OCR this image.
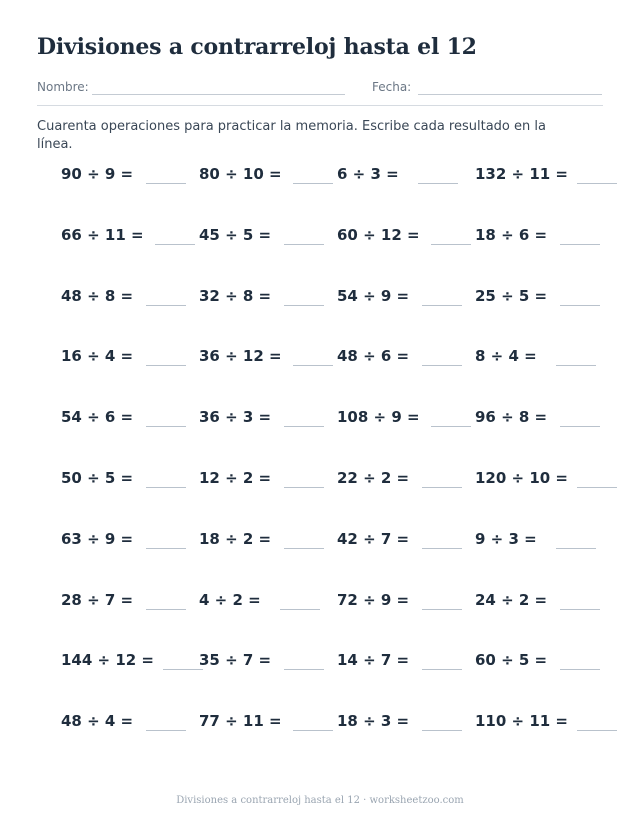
Divisiones a contrarreloj hasta el 12
Nombre:	Fecha:
Cuarenta operaciones para practicar la memoria. Escribe cada resultado en la línea.
90 ÷ 9 =	80 ÷ 10 =	6 ÷ 3 =	132 ÷ 11 =
66 ÷ 11 =	45 ÷ 5 =	60 ÷ 12 =	18 ÷ 6 =
48 ÷ 8 =	32 ÷ 8 =	54 ÷ 9 =	25 ÷ 5 =
16 ÷ 4 =	36 ÷ 12 =	48 ÷ 6 =	8 ÷ 4 =
54 ÷ 6 =	36 ÷ 3 =	108 ÷ 9 =	96 ÷ 8 =
50 ÷ 5 =	12 ÷ 2 =	22 ÷ 2 =	120 ÷ 10 =
63 ÷ 9 =	18 ÷ 2 =	42 ÷ 7 =	9 ÷ 3 =
28 ÷ 7 =	4 ÷ 2 =	72 ÷ 9 =	24 ÷ 2 =
144 ÷ 12 =	35 ÷ 7 =	14 ÷ 7 =	60 ÷ 5 =
48 ÷ 4 =	77 ÷ 11 =	18 ÷ 3 =	110 ÷ 11 =
Divisiones a contrarreloj hasta el 12 · worksheetzoo.com
